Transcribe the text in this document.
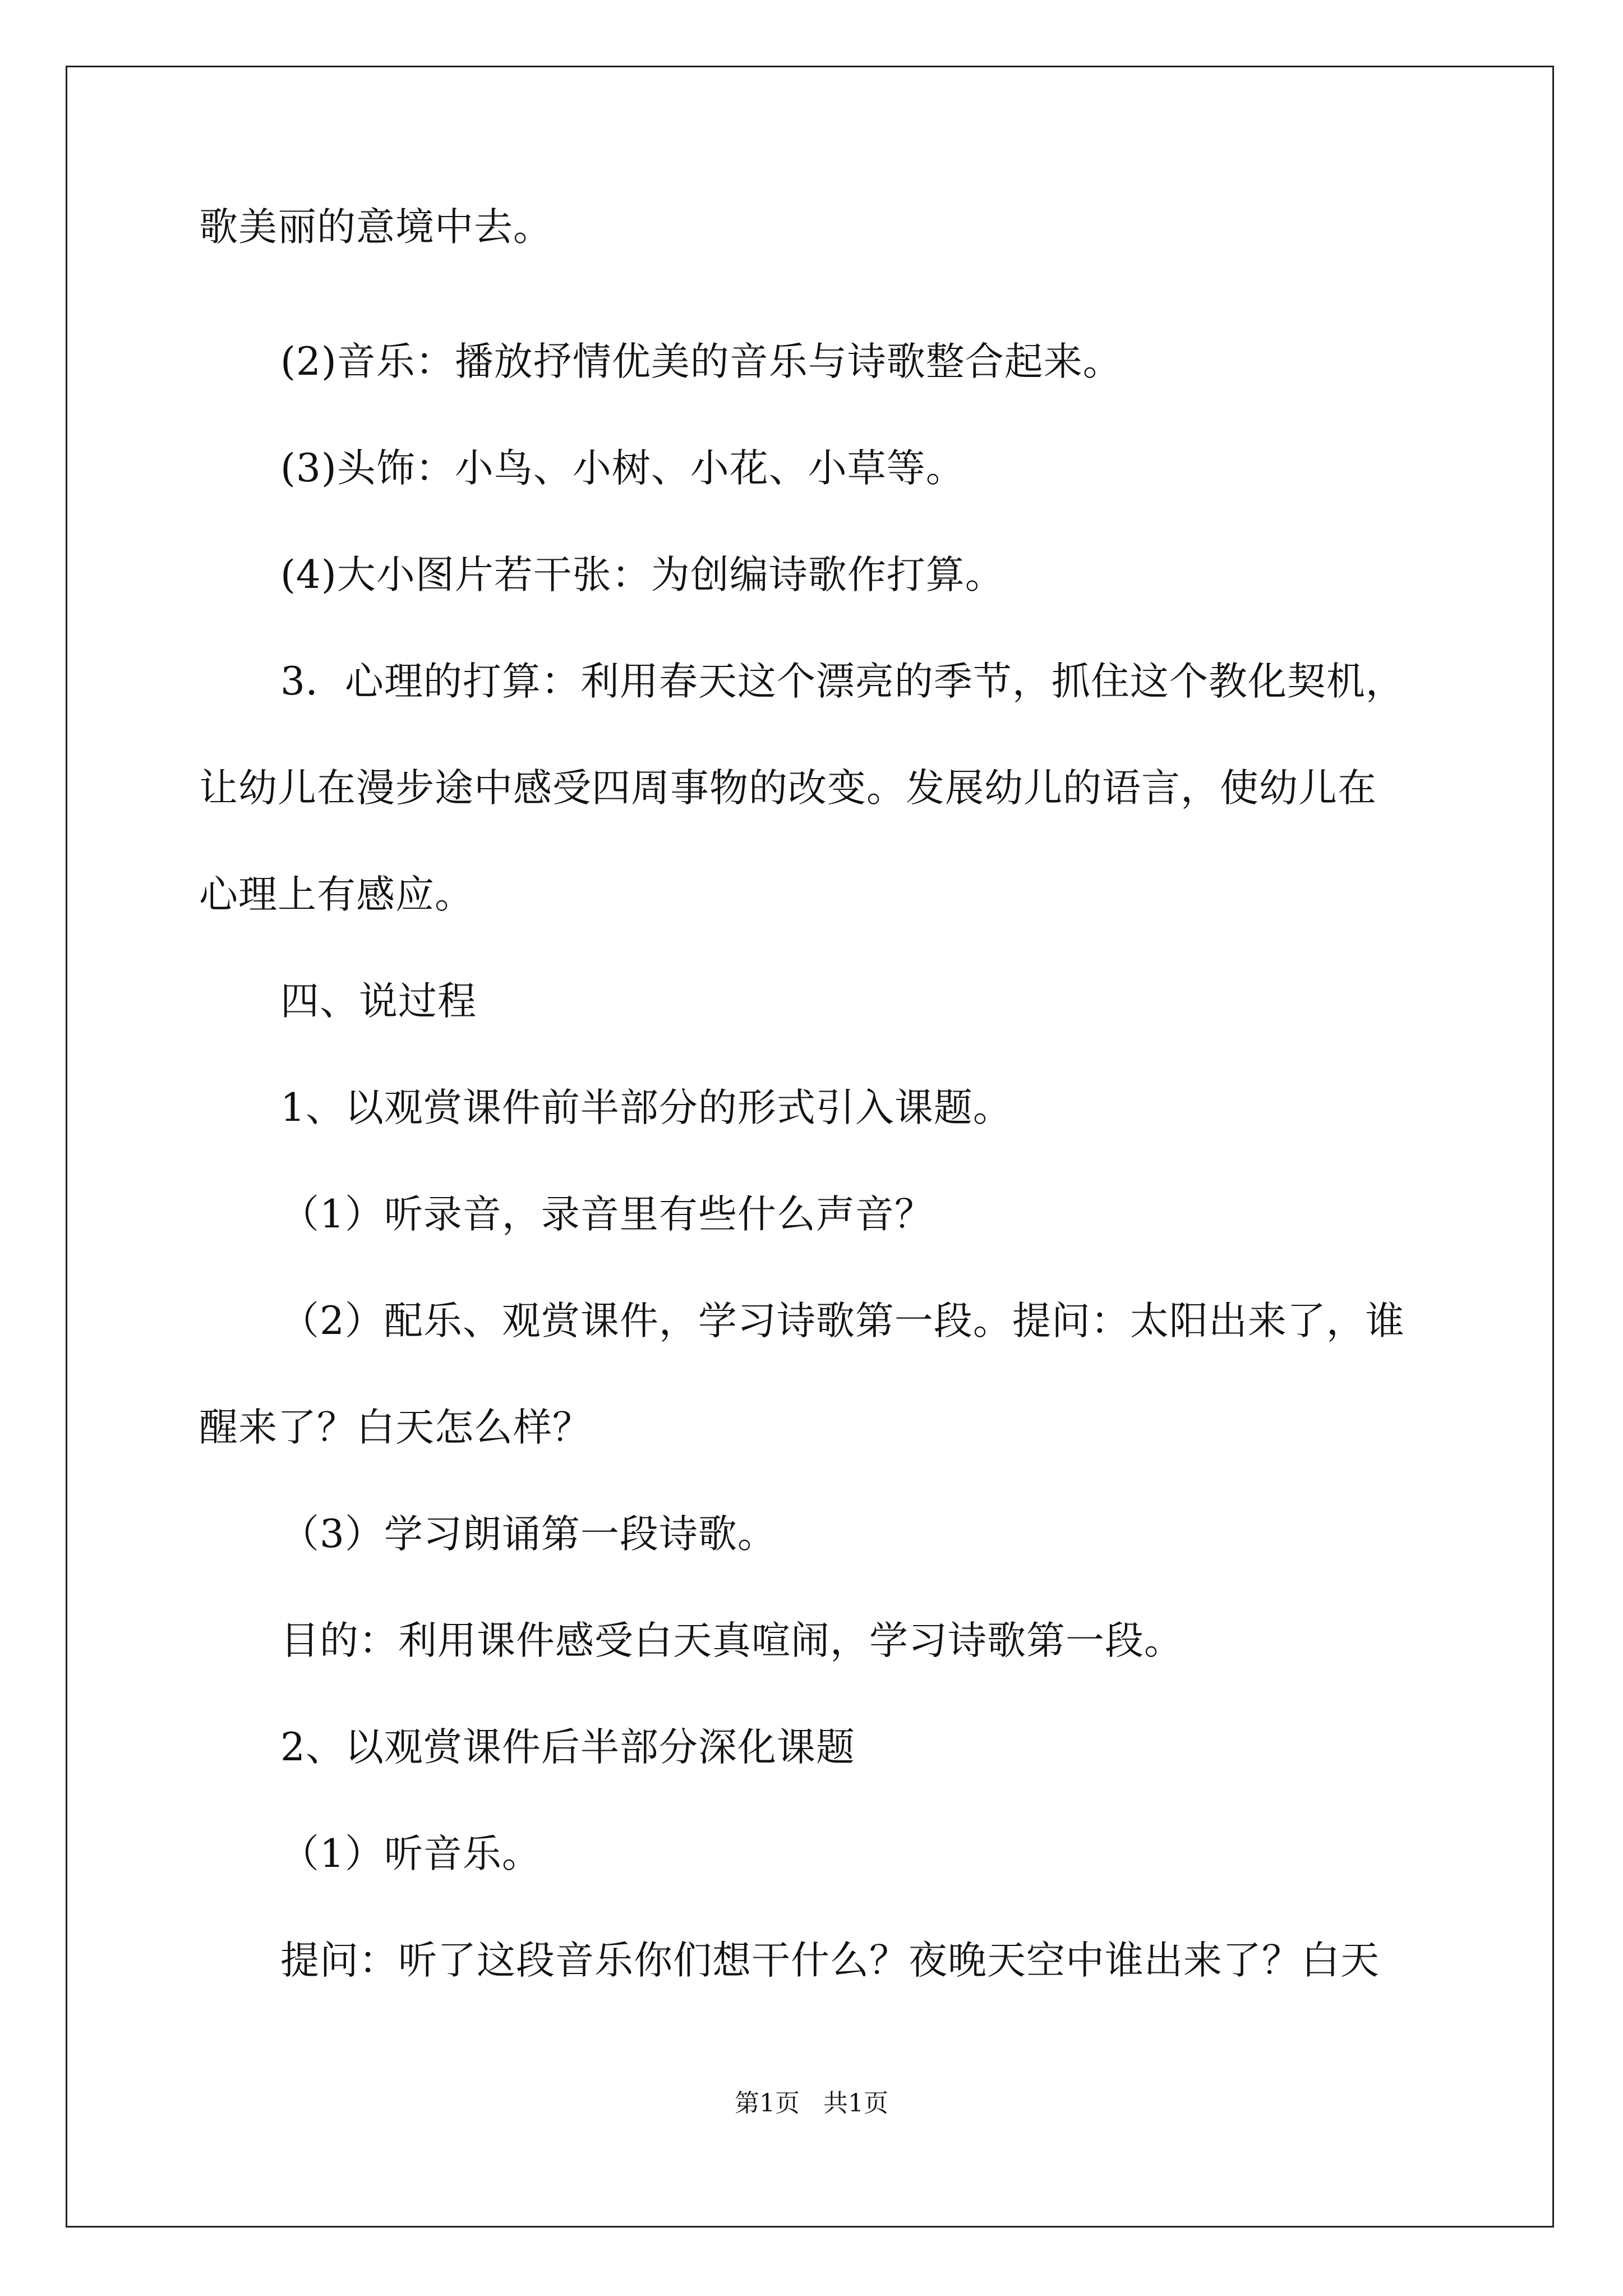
歌美丽的意境中去。
(2)音乐：播放抒情优美的音乐与诗歌整合起来。
(3)头饰：小鸟、小树、小花、小草等。
(4)大小图片若干张：为创编诗歌作打算。
3．心理的打算：利用春天这个漂亮的季节，抓住这个教化契机，
让幼儿在漫步途中感受四周事物的改变。发展幼儿的语言，使幼儿在
心理上有感应。
四、说过程
1、以观赏课件前半部分的形式引入课题。
（1）听录音，录音里有些什么声音？
（2）配乐、观赏课件，学习诗歌第一段。提问：太阳出来了，谁
醒来了？白天怎么样？
（3）学习朗诵第一段诗歌。
目的：利用课件感受白天真喧闹，学习诗歌第一段。
2、以观赏课件后半部分深化课题
（1）听音乐。
提问：听了这段音乐你们想干什么？夜晚天空中谁出来了？白天
第1页   共1页
